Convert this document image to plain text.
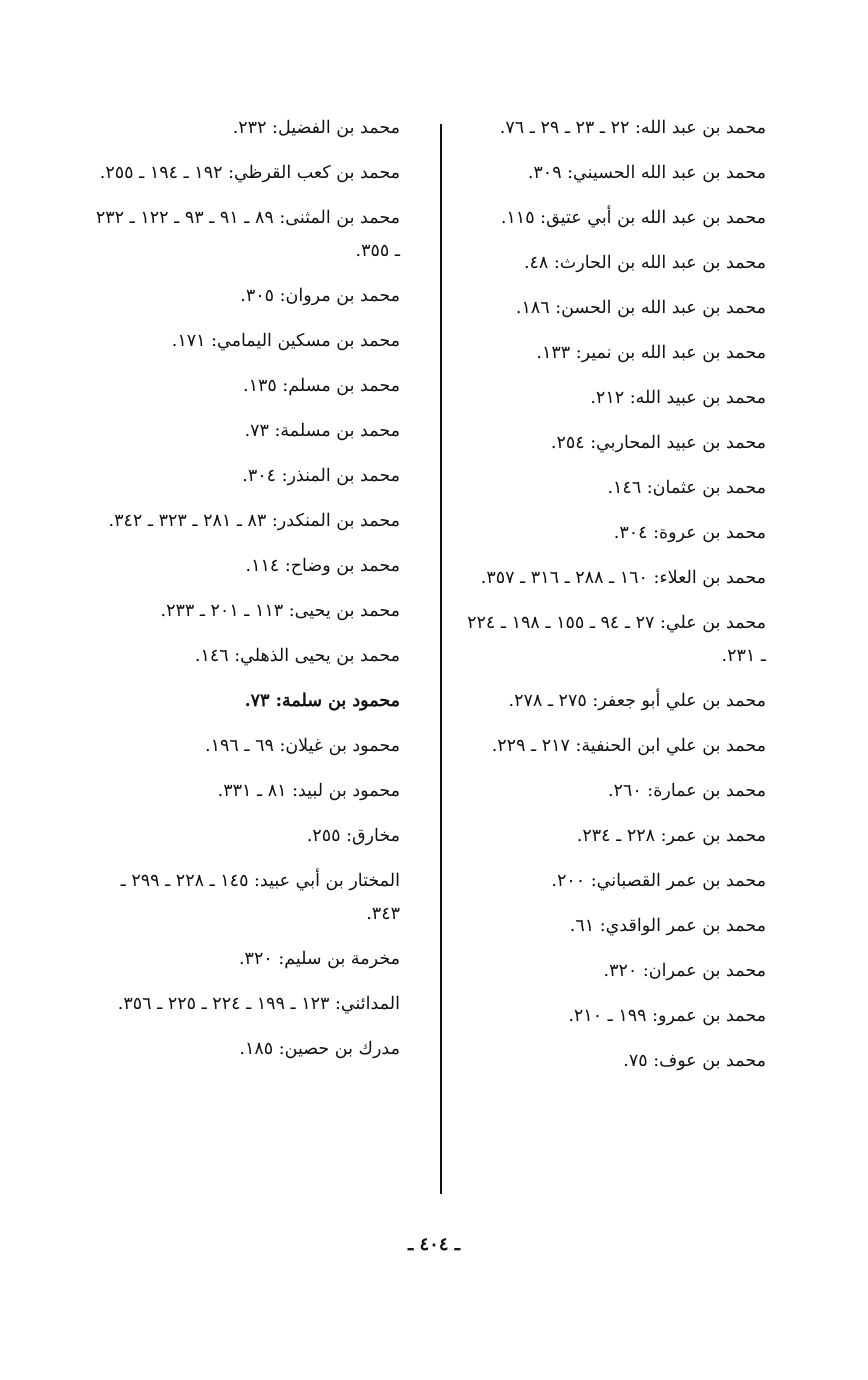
محمد بن عبد الله: ٢٢ ـ ٢٣ ـ ٢٩ ـ ٧٦.
محمد بن عبد الله الحسيني: ٣٠٩.
محمد بن عبد الله بن أبي عتيق: ١١٥.
محمد بن عبد الله بن الحارث: ٤٨.
محمد بن عبد الله بن الحسن: ١٨٦.
محمد بن عبد الله بن نمير: ١٣٣.
محمد بن عبيد الله: ٢١٢.
محمد بن عبيد المحاربي: ٢٥٤.
محمد بن عثمان: ١٤٦.
محمد بن عروة: ٣٠٤.
محمد بن العلاء: ١٦٠ ـ ٢٨٨ ـ ٣١٦ ـ ٣٥٧.
محمد بن علي: ٢٧ ـ ٩٤ ـ ١٥٥ ـ ١٩٨ ـ ٢٢٤ ـ ٢٣١.
محمد بن علي أبو جعفر: ٢٧٥ ـ ٢٧٨.
محمد بن علي ابن الحنفية: ٢١٧ ـ ٢٢٩.
محمد بن عمارة: ٢٦٠.
محمد بن عمر: ٢٢٨ ـ ٢٣٤.
محمد بن عمر القصباني: ٢٠٠.
محمد بن عمر الواقدي: ٦١.
محمد بن عمران: ٣٢٠.
محمد بن عمرو: ١٩٩ ـ ٢١٠.
محمد بن عوف: ٧٥.
محمد بن الفضيل: ٢٣٢.
محمد بن كعب القرظي: ١٩٢ ـ ١٩٤ ـ ٢٥٥.
محمد بن المثنى: ٨٩ ـ ٩١ ـ ٩٣ ـ ١٢٢ ـ ٢٣٢ ـ ٣٥٥.
محمد بن مروان: ٣٠٥.
محمد بن مسكين اليمامي: ١٧١.
محمد بن مسلم: ١٣٥.
محمد بن مسلمة: ٧٣.
محمد بن المنذر: ٣٠٤.
محمد بن المنكدر: ٨٣ ـ ٢٨١ ـ ٣٢٣ ـ ٣٤٢.
محمد بن وضاح: ١١٤.
محمد بن يحيى: ١١٣ ـ ٢٠١ ـ ٢٣٣.
محمد بن يحيى الذهلي: ١٤٦.
محمود بن سلمة: ٧٣.
محمود بن غيلان: ٦٩ ـ ١٩٦.
محمود بن لبيد: ٨١ ـ ٣٣١.
مخارق: ٢٥٥.
المختار بن أبي عبيد: ١٤٥ ـ ٢٢٨ ـ ٢٩٩ ـ ٣٤٣.
مخرمة بن سليم: ٣٢٠.
المدائني: ١٢٣ ـ ١٩٩ ـ ٢٢٤ ـ ٢٢٥ ـ ٣٥٦.
مدرك بن حصين: ١٨٥.
ـ ٤٠٤ ـ
